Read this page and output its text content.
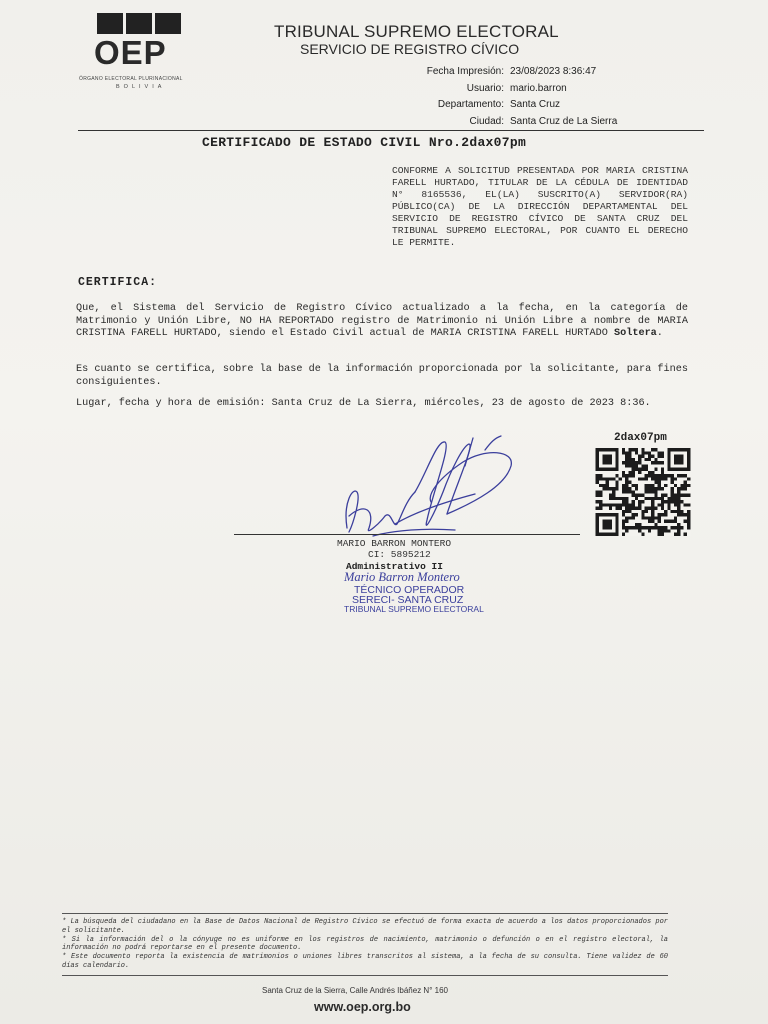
OEP
ÓRGANO ELECTORAL PLURINACIONAL
BOLIVIA
TRIBUNAL SUPREMO ELECTORAL
SERVICIO DE REGISTRO CÍVICO
Fecha Impresión: 23/08/2023 8:36:47
Usuario: mario.barron
Departamento: Santa Cruz
Ciudad: Santa Cruz de La Sierra
CERTIFICADO DE ESTADO CIVIL Nro.2dax07pm
CONFORME A SOLICITUD PRESENTADA POR MARIA CRISTINA FARELL HURTADO, TITULAR DE LA CÉDULA DE IDENTIDAD N° 8165536, EL(LA) SUSCRITO(A) SERVIDOR(RA) PÚBLICO(CA) DE LA DIRECCIÓN DEPARTAMENTAL DEL SERVICIO DE REGISTRO CÍVICO DE SANTA CRUZ DEL TRIBUNAL SUPREMO ELECTORAL, POR CUANTO EL DERECHO LE PERMITE.
CERTIFICA:
Que, el Sistema del Servicio de Registro Cívico actualizado a la fecha, en la categoría de Matrimonio y Unión Libre, NO HA REPORTADO registro de Matrimonio ni Unión Libre a nombre de MARIA CRISTINA FARELL HURTADO, siendo el Estado Civil actual de MARIA CRISTINA FARELL HURTADO Soltera.
Es cuanto se certifica, sobre la base de la información proporcionada por la solicitante, para fines consiguientes.
Lugar, fecha y hora de emisión: Santa Cruz de La Sierra, miércoles, 23 de agosto de 2023 8:36.
2dax07pm
MARIO BARRON MONTERO
CI: 5895212
Administrativo II
Mario Barron Montero
TÉCNICO OPERADOR
SERECI- SANTA CRUZ
TRIBUNAL SUPREMO ELECTORAL

* La búsqueda del ciudadano en la Base de Datos Nacional de Registro Cívico se efectuó de forma exacta de acuerdo a los datos proporcionados por el solicitante.

* Si la información del o la cónyuge no es uniforme en los registros de nacimiento, matrimonio o defunción o en el registro electoral, la información no podrá reportarse en el presente documento.

* Este documento reporta la existencia de matrimonios o uniones libres transcritos al sistema, a la fecha de su consulta. Tiene validez de 60 días calendario.

Santa Cruz de la Sierra, Calle Andrés Ibáñez N° 160
www.oep.org.bo
